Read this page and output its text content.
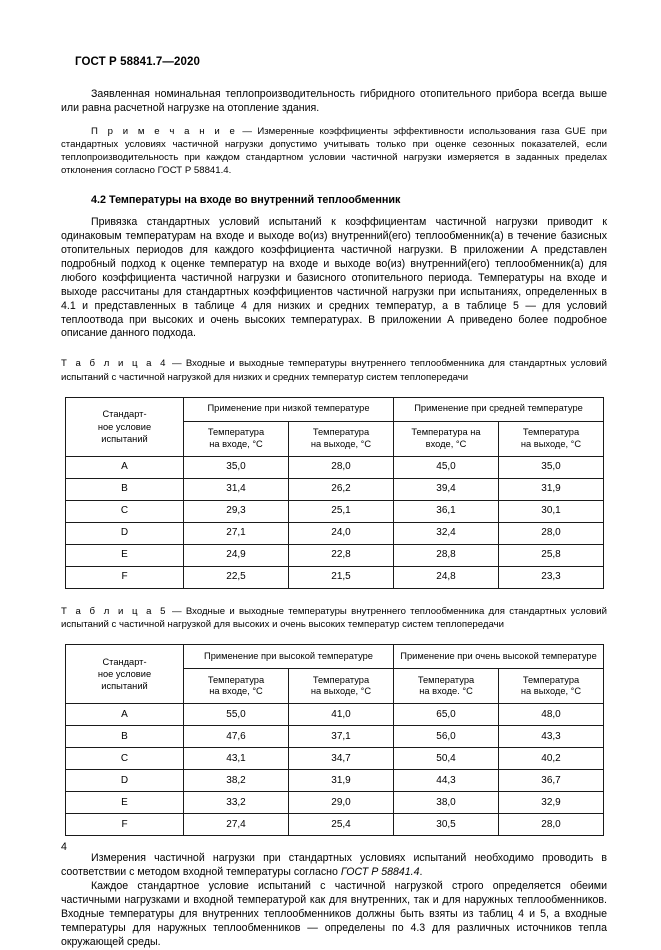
ГОСТ Р 58841.7—2020

Заявленная номинальная теплопроизводительность гибридного отопительного прибора всегда выше или равна расчетной нагрузке на отопление здания.

П р и м е ч а н и е — Измеренные коэффициенты эффективности использования газа GUE при стандартных условиях частичной нагрузки допустимо учитывать только при оценке сезонных показателей, если теплопроизводительность при каждом стандартном условии частичной нагрузки измеряется в заданных пределах отклонения согласно ГОСТ Р 58841.4.

4.2 Температуры на входе во внутренний теплообменник

Привязка стандартных условий испытаний к коэффициентам частичной нагрузки приводит к одинаковым температурам на входе и выходе во(из) внутренний(его) теплообменник(а) в течение базисных отопительных периодов для каждого коэффициента частичной нагрузки. В приложении А представлен подробный подход к оценке температур на входе и выходе во(из) внутренний(его) теплообменник(а) для любого коэффициента частичной нагрузки и базисного отопительного периода. Температуры на входе и выходе рассчитаны для стандартных коэффициентов частичной нагрузки при испытаниях, определенных в 4.1 и представленных в таблице 4 для низких и средних температур, а в таблице 5 — для условий теплоотвода при высоких и очень высоких температурах. В приложении А приведено более подробное описание данного подхода.

Т а б л и ц а 4 — Входные и выходные температуры внутреннего теплообменника для стандартных условий испытаний с частичной нагрузкой для низких и средних температур систем теплопередачи

Стандарт-
ное условие
испытаний	Применение при низкой температуре		Применение при средней температуре	
	Температура
на входе, °С	Температура
на выходе, °С	Температура на
входе, °С	Температура
на выходе, °С
A	35,0	28,0	45,0	35,0
B	31,4	26,2	39,4	31,9
C	29,3	25,1	36,1	30,1
D	27,1	24,0	32,4	28,0
E	24,9	22,8	28,8	25,8
F	22,5	21,5	24,8	23,3

Т а б л и ц а 5 — Входные и выходные температуры внутреннего теплообменника для стандартных условий испытаний с частичной нагрузкой для высоких и очень высоких температур систем теплопередачи

Стандарт-
ное условие
испытаний	Применение при высокой температуре		Применение при очень высокой температуре	
	Температура
на входе, °С	Температура
на выходе, °С	Температура
на входе. °С	Температура
на выходе, °С
A	55,0	41,0	65,0	48,0
B	47,6	37,1	56,0	43,3
C	43,1	34,7	50,4	40,2
D	38,2	31,9	44,3	36,7
E	33,2	29,0	38,0	32,9
F	27,4	25,4	30,5	28,0

Измерения частичной нагрузки при стандартных условиях испытаний необходимо проводить в соответствии с методом входной температуры согласно ГОСТ Р 58841.4.

Каждое стандартное условие испытаний с частичной нагрузкой строго определяется обеими частичными нагрузками и входной температурой как для внутренних, так и для наружных теплообменников. Входные температуры для внутренних теплообменников должны быть взяты из таблиц 4 и 5, а входные температуры для наружных теплообменников — определены по 4.3 для различных источников тепла окружающей среды.

4
